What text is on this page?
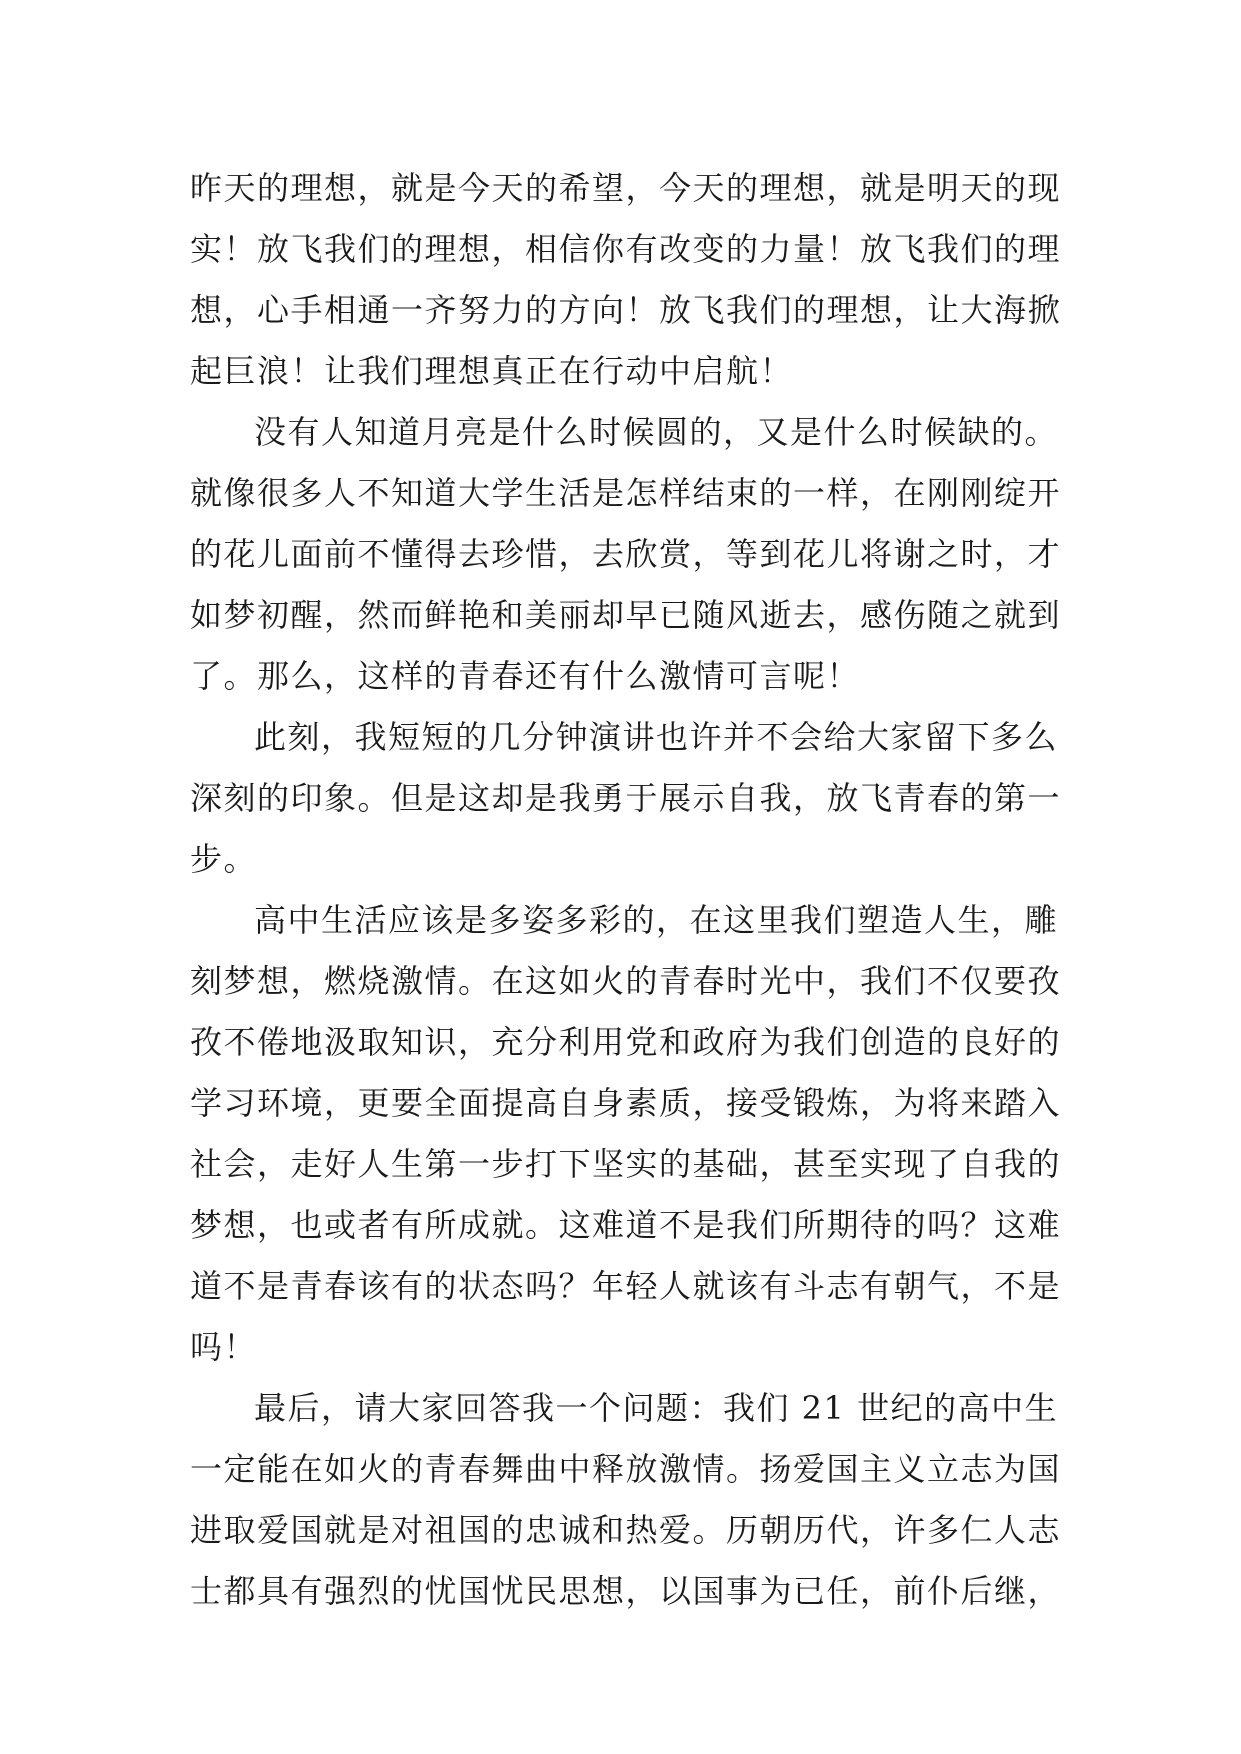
昨天的理想，就是今天的希望，今天的理想，就是明天的现
实！放飞我们的理想，相信你有改变的力量！放飞我们的理
想，心手相通一齐努力的方向！放飞我们的理想，让大海掀
起巨浪！让我们理想真正在行动中启航！
没有人知道月亮是什么时候圆的，又是什么时候缺的。
就像很多人不知道大学生活是怎样结束的一样，在刚刚绽开
的花儿面前不懂得去珍惜，去欣赏，等到花儿将谢之时，才
如梦初醒，然而鲜艳和美丽却早已随风逝去，感伤随之就到
了。那么，这样的青春还有什么激情可言呢！
此刻，我短短的几分钟演讲也许并不会给大家留下多么
深刻的印象。但是这却是我勇于展示自我，放飞青春的第一
步。
高中生活应该是多姿多彩的，在这里我们塑造人生，雕
刻梦想，燃烧激情。在这如火的青春时光中，我们不仅要孜
孜不倦地汲取知识，充分利用党和政府为我们创造的良好的
学习环境，更要全面提高自身素质，接受锻炼，为将来踏入
社会，走好人生第一步打下坚实的基础，甚至实现了自我的
梦想，也或者有所成就。这难道不是我们所期待的吗？这难
道不是青春该有的状态吗？年轻人就该有斗志有朝气，不是
吗！
最后，请大家回答我一个问题：我们 21 世纪的高中生
一定能在如火的青春舞曲中释放激情。扬爱国主义立志为国
进取爱国就是对祖国的忠诚和热爱。历朝历代，许多仁人志
士都具有强烈的忧国忧民思想，以国事为已任，前仆后继，
